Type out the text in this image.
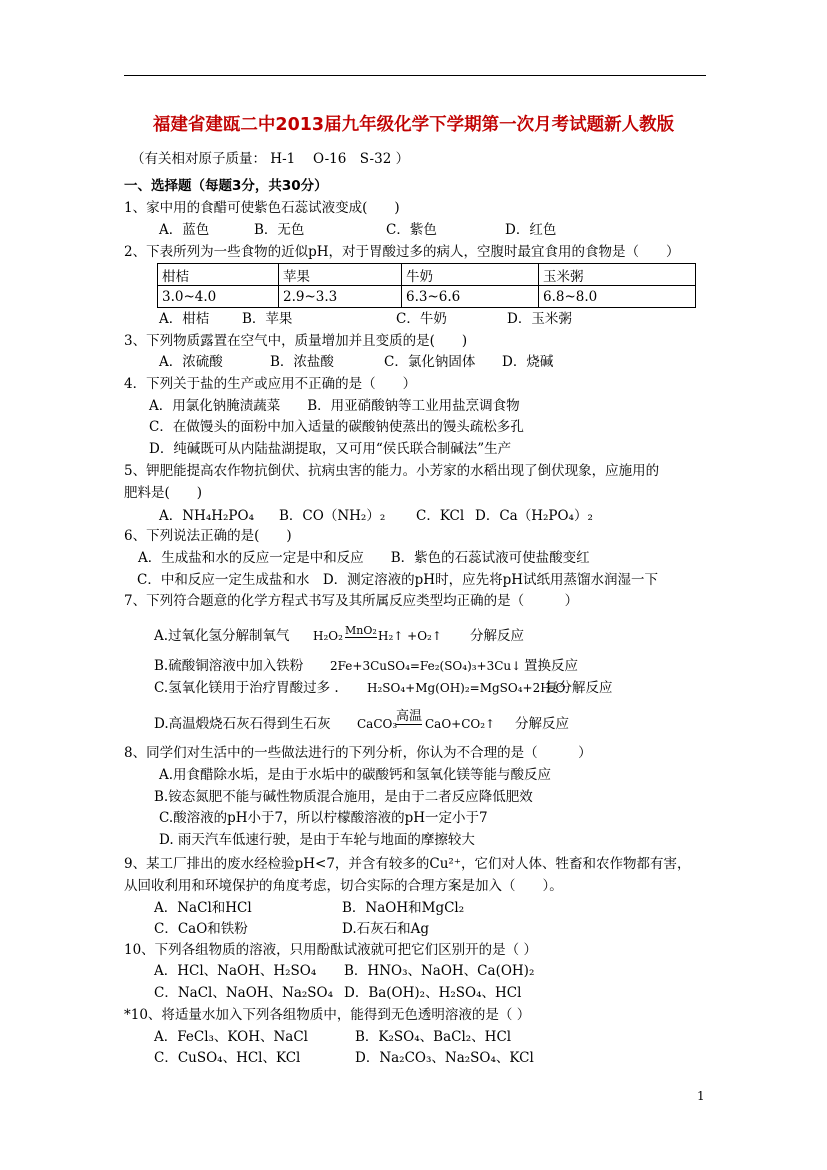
福建省建瓯二中2013届九年级化学下学期第一次月考试题新人教版
（有关相对原子质量： H-1　 O-16　S-32 ）
一、选择题（每题3分，共30分）
1、家中用的食醋可使紫色石蕊试液变成(　　)
A．蓝色	B．无色	C．紫色	D．红色
2、下表所列为一些食物的近似pH，对于胃酸过多的病人，空腹时最宜食用的食物是（　　）
柑桔	苹果	牛奶	玉米粥
3.0~4.0	2.9~3.3	6.3~6.6	6.8~8.0
A．柑桔 B．苹果	C．牛奶	D．玉米粥
3、下列物质露置在空气中，质量增加并且变质的是(　　)
A．浓硫酸	B．浓盐酸	C．氯化钠固体 D．烧碱
4．下列关于盐的生产或应用不正确的是（　　）
A．用氯化钠腌渍蔬菜　　B．用亚硝酸钠等工业用盐烹调食物
C．在做馒头的面粉中加入适量的碳酸钠使蒸出的馒头疏松多孔
D．纯碱既可从内陆盐湖提取，又可用“侯氏联合制碱法”生产
5、钾肥能提高农作物抗倒伏、抗病虫害的能力。小芳家的水稻出现了倒伏现象，应施用的
肥料是(　　)
A．NH₄H₂PO₄ B．CO（NH₂）₂ C．KCl D．Ca（H₂PO₄）₂
6、下列说法正确的是(　　)
A．生成盐和水的反应一定是中和反应　　B．紫色的石蕊试液可使盐酸变红
C．中和反应一定生成盐和水　D．测定溶液的pH时，应先将pH试纸用蒸馏水润湿一下
7、下列符合题意的化学方程式书写及其所属反应类型均正确的是（　　　）
A.过氧化氢分解制氧气 H₂O₂ MnO₂ H₂↑ +O₂↑ 分解反应
B.硫酸铜溶液中加入铁粉 2Fe+3CuSO₄=Fe₂(SO₄)₃+3Cu↓ 置换反应
C.氢氧化镁用于治疗胃酸过多 . H₂SO₄+Mg(OH)₂=MgSO₄+2H₂O
复分解反应
D.高温煅烧石灰石得到生石灰 CaCO₃
高温 CaO+CO₂↑ 分解反应
8、同学们对生活中的一些做法进行的下列分析，你认为不合理的是（　　　）
A.用食醋除水垢，是由于水垢中的碳酸钙和氢氧化镁等能与酸反应
B.铵态氮肥不能与碱性物质混合施用，是由于二者反应降低肥效
C.酸溶液的pH小于7，所以柠檬酸溶液的pH一定小于7
D. 雨天汽车低速行驶，是由于车轮与地面的摩擦较大
9、某工厂排出的废水经检验pH<7，并含有较多的Cu²⁺，它们对人体、牲畜和农作物都有害，
从回收利用和环境保护的角度考虑，切合实际的合理方案是加入（　　）。
A．NaCl和HCl	B．NaOH和MgCl₂
C．CaO和铁粉	D.石灰石和Ag
10、下列各组物质的溶液，只用酚酞试液就可把它们区别开的是（ ）
A．HCl、NaOH、H₂SO₄ B．HNO₃、NaOH、Ca(OH)₂
C．NaCl、NaOH、Na₂SO₄ D．Ba(OH)₂、H₂SO₄、HCl
*10、将适量水加入下列各组物质中，能得到无色透明溶液的是（ ）
A．FeCl₃、KOH、NaCl	B．K₂SO₄、BaCl₂、HCl
C．CuSO₄、HCl、KCl	D．Na₂CO₃、Na₂SO₄、KCl
1
